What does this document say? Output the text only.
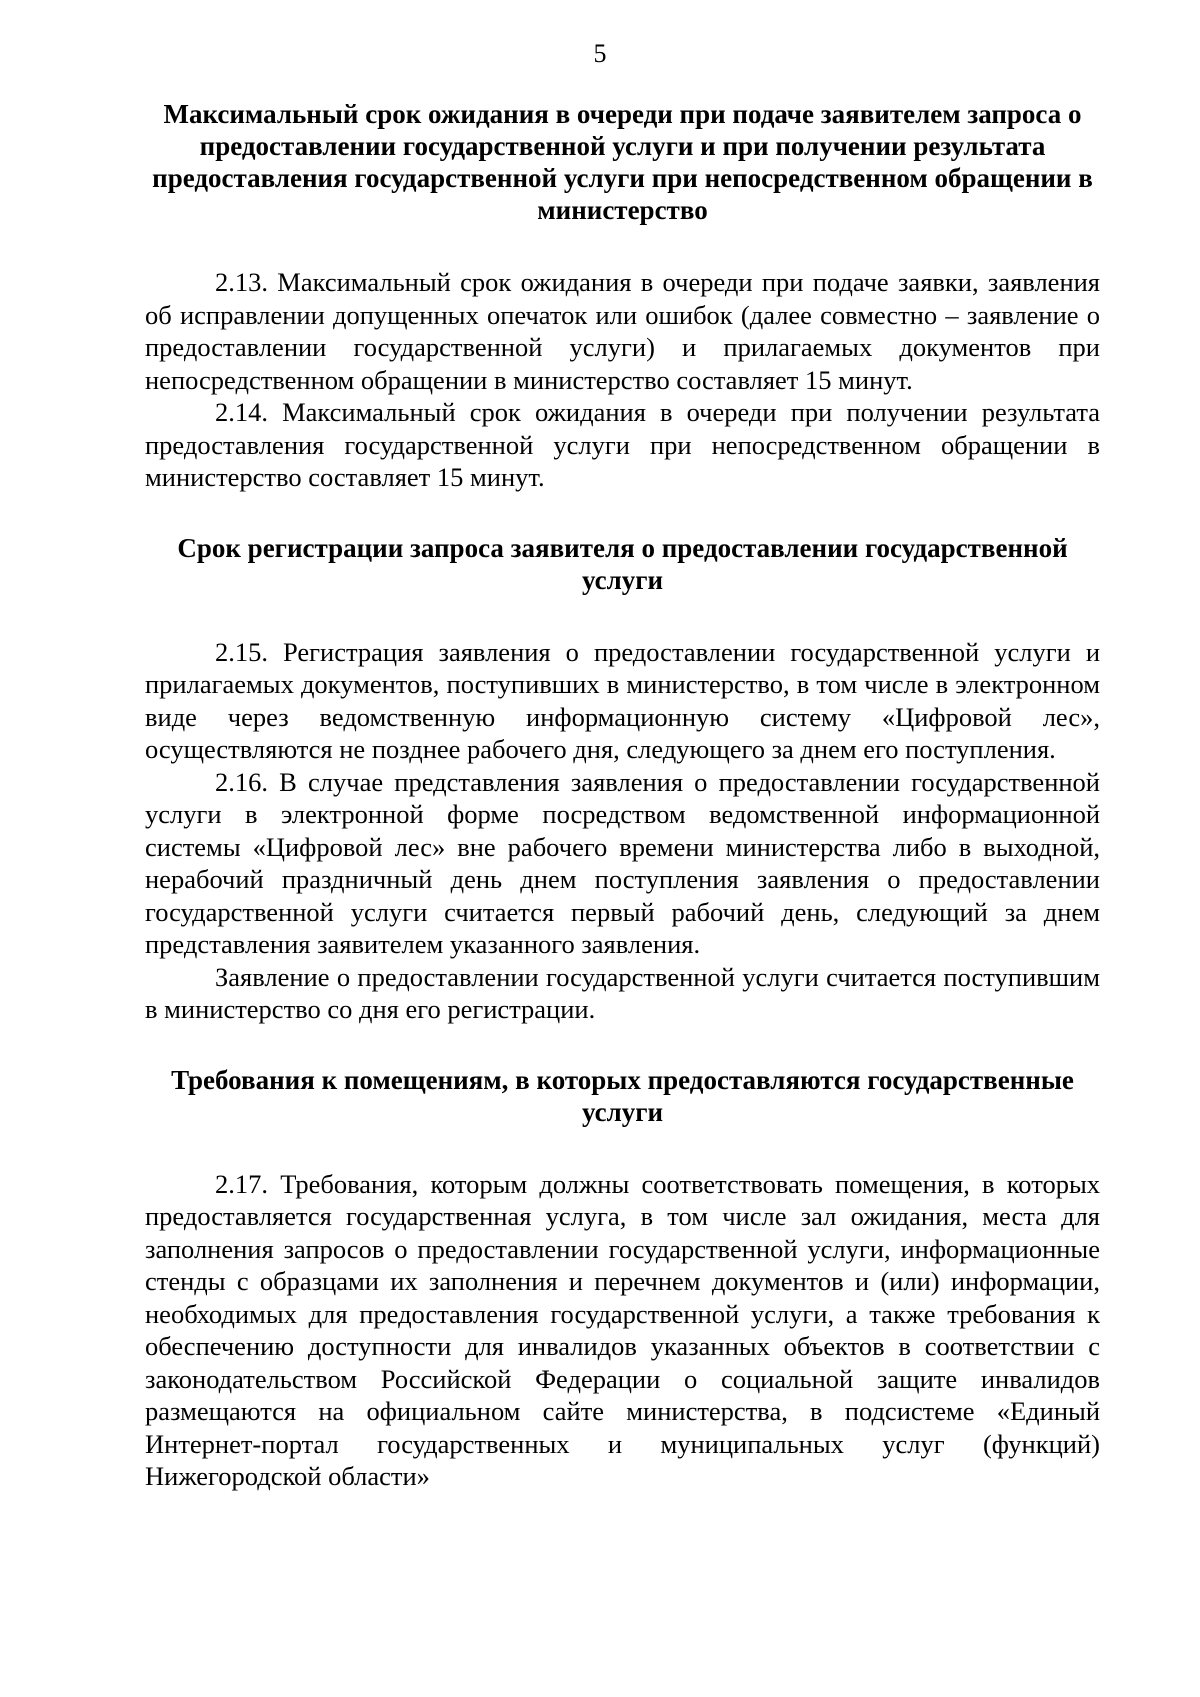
5
Максимальный срок ожидания в очереди при подаче заявителем запроса о предоставлении государственной услуги и при получении результата предоставления государственной услуги при непосредственном обращении в министерство

2.13. Максимальный срок ожидания в очереди при подаче заявки, заявления об исправлении допущенных опечаток или ошибок (далее совместно – заявление о предоставлении государственной услуги) и прилагаемых документов при непосредственном обращении в министерство составляет 15 минут.

2.14. Максимальный срок ожидания в очереди при получении результата предоставления государственной услуги при непосредственном обращении в министерство составляет 15 минут.

Срок регистрации запроса заявителя о предоставлении государственной услуги

2.15. Регистрация заявления о предоставлении государственной услуги и прилагаемых документов, поступивших в министерство, в том числе в электронном виде через ведомственную информационную систему «Цифровой лес», осуществляются не позднее рабочего дня, следующего за днем его поступления.

2.16. В случае представления заявления о предоставлении государственной услуги в электронной форме посредством ведомственной информационной системы «Цифровой лес» вне рабочего времени министерства либо в выходной, нерабочий праздничный день днем поступления заявления о предоставлении государственной услуги считается первый рабочий день, следующий за днем представления заявителем указанного заявления.

Заявление о предоставлении государственной услуги считается поступившим в министерство со дня его регистрации.

Требования к помещениям, в которых предоставляются государственные услуги

2.17. Требования, которым должны соответствовать помещения, в которых предоставляется государственная услуга, в том числе зал ожидания, места для заполнения запросов о предоставлении государственной услуги, информационные стенды с образцами их заполнения и перечнем документов и (или) информации, необходимых для предоставления государственной услуги, а также требования к обеспечению доступности для инвалидов указанных объектов в соответствии с законодательством Российской Федерации о социальной защите инвалидов размещаются на официальном сайте министерства, в подсистеме «Единый Интернет-портал государственных и муниципальных услуг (функций) Нижегородской области»
